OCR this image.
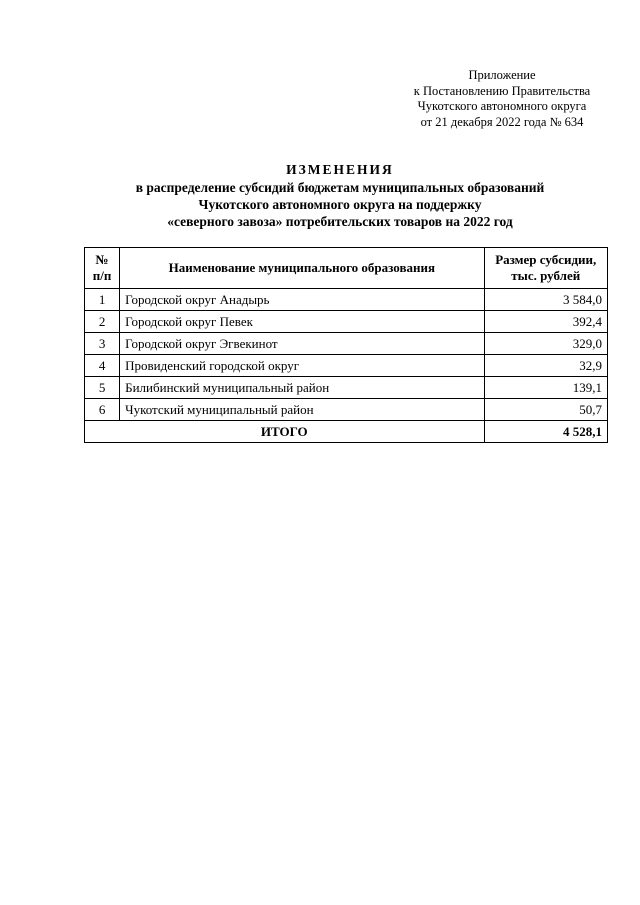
Приложение
к Постановлению Правительства
Чукотского автономного округа
от 21 декабря 2022 года № 634
ИЗМЕНЕНИЯ
в распределение субсидий бюджетам муниципальных образований
Чукотского автономного округа на поддержку
«северного завоза» потребительских товаров на 2022 год
№
п/п	Наименование муниципального образования	Размер субсидии,
тыс. рублей
1	Городской округ Анадырь	3 584,0
2	Городской округ Певек	392,4
3	Городской округ Эгвекинот	329,0
4	Провиденский городской округ	32,9
5	Билибинский муниципальный район	139,1
6	Чукотский муниципальный район	50,7
ИТОГО		4 528,1
